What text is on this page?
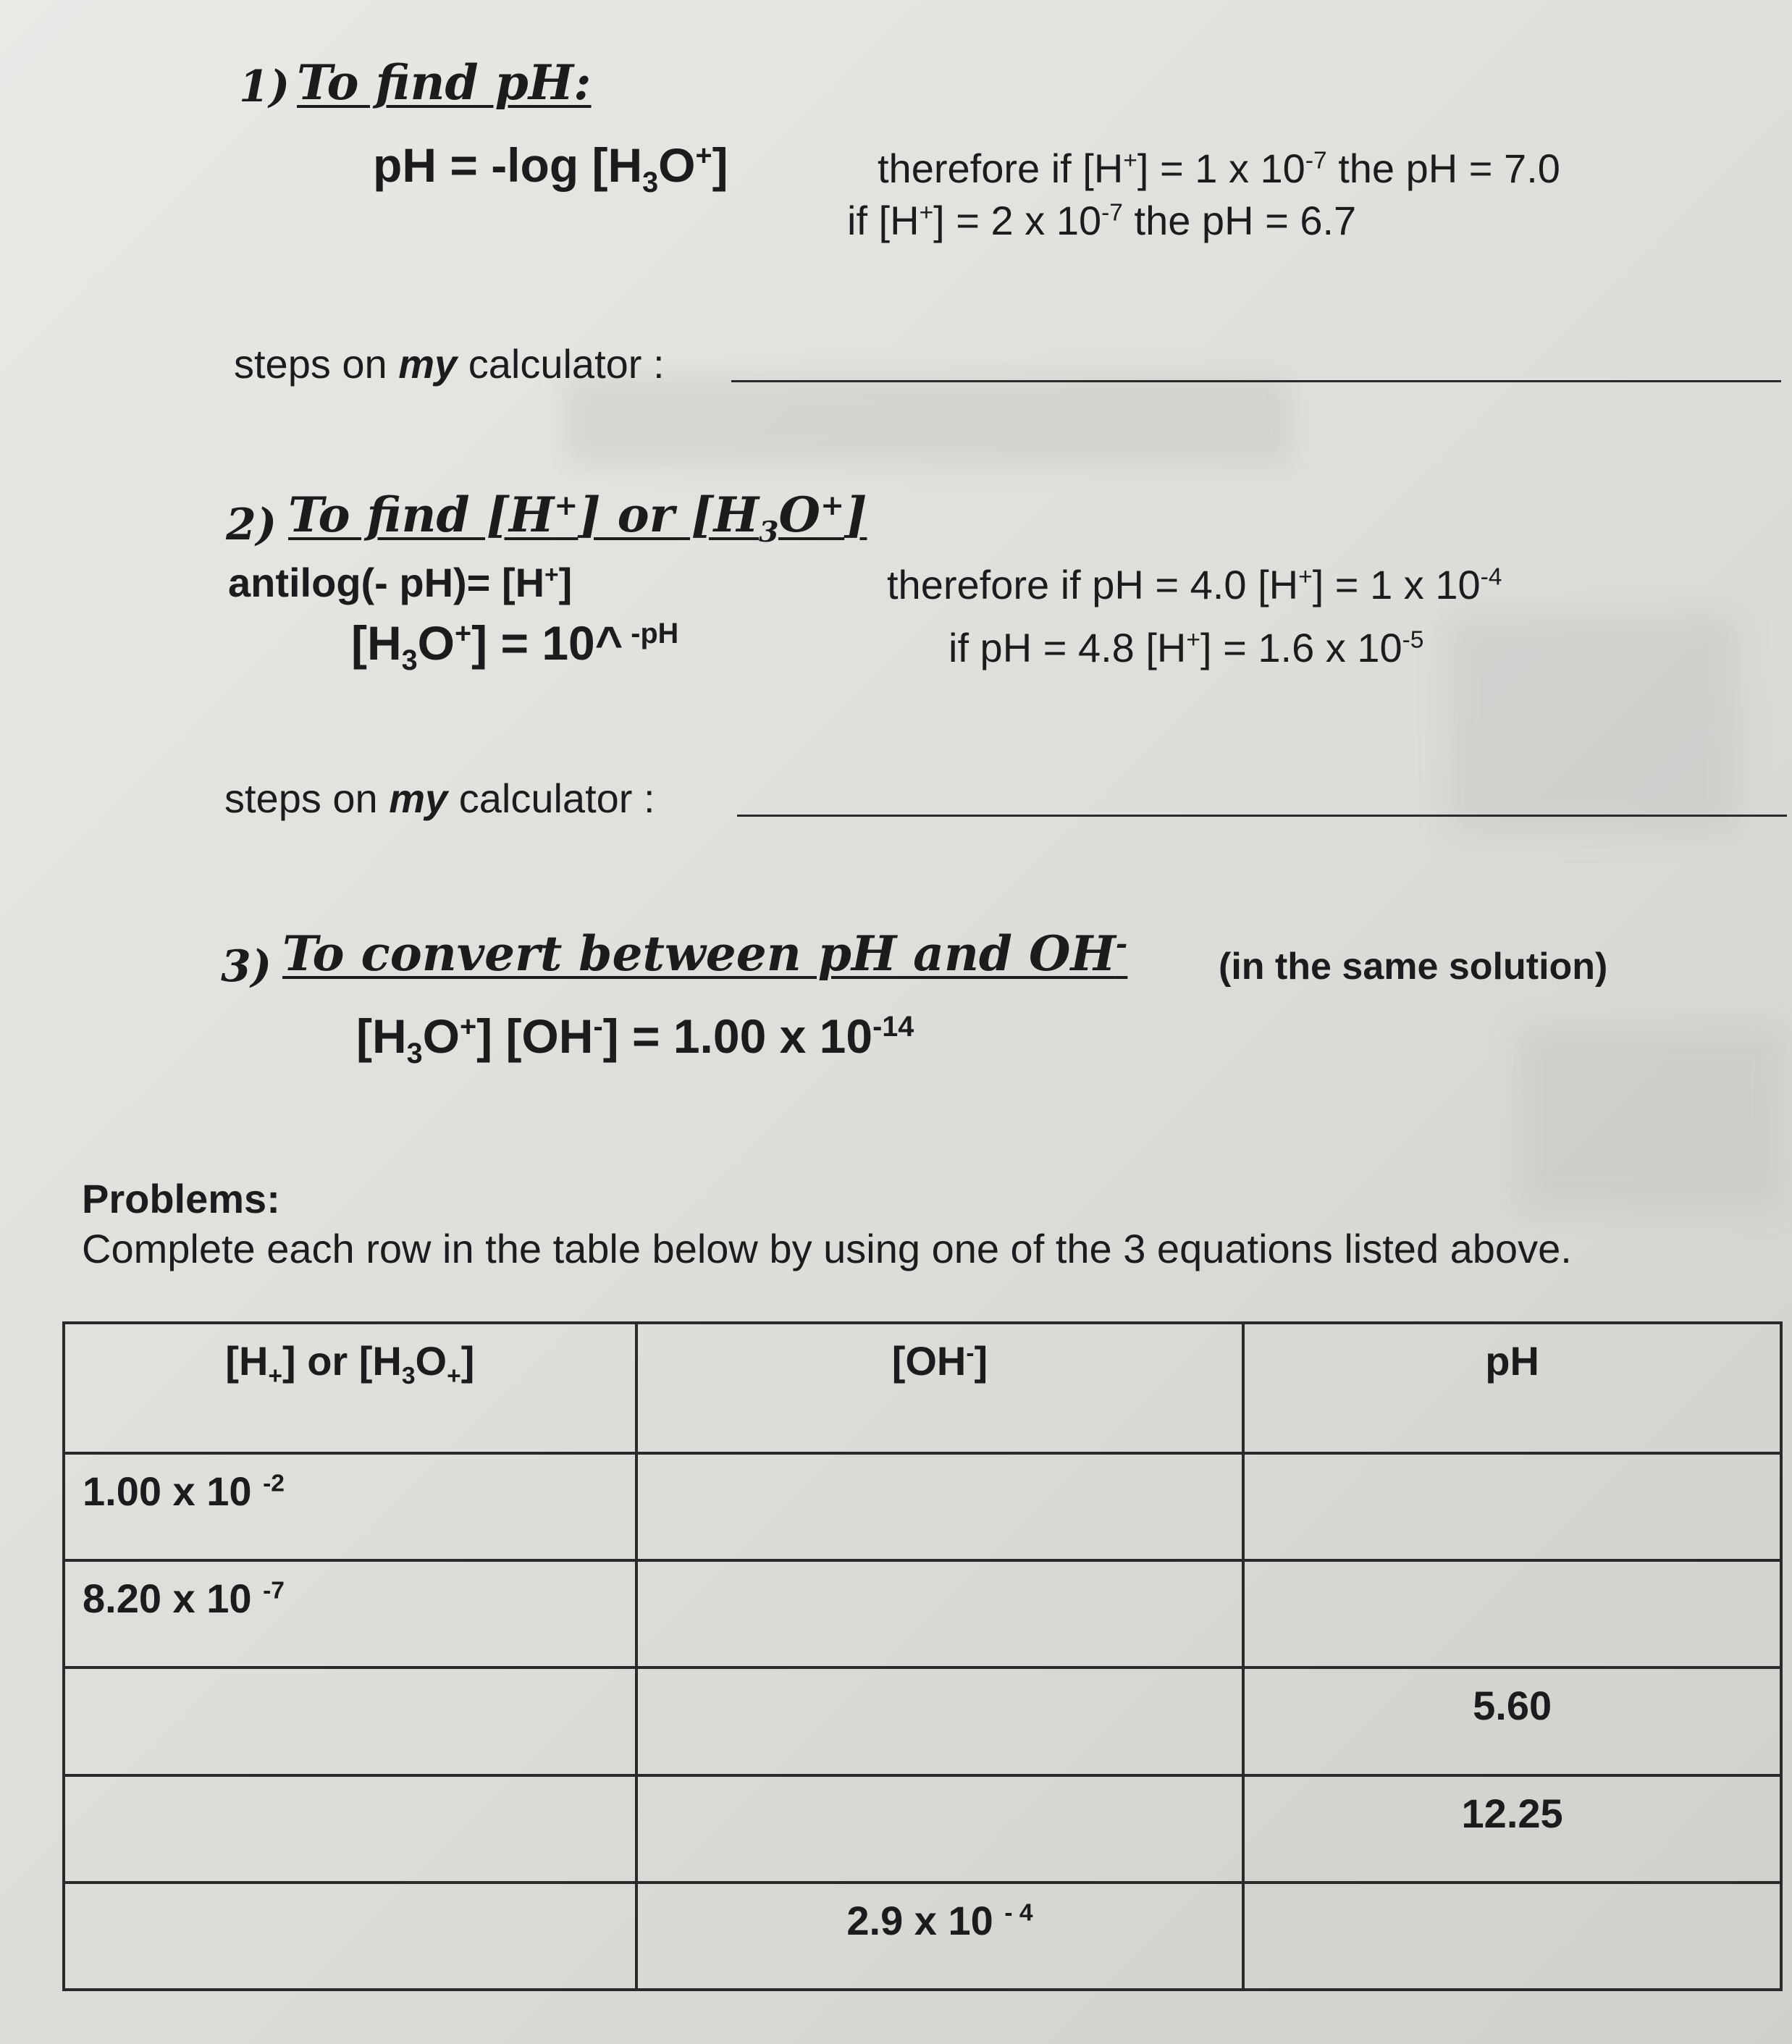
1) To find pH:
pH = -log $[H_3O^+]$	therefore if [H+] = 1 x $10^{-7}$ the pH = 7.0
if [H+] = 2 x $10^{-7}$ the pH = 6.7
steps on my calculator :
2) To find [H+] or $[H_3O^+]$
antilog(- pH)= [H+]
$[H_3O^+]$ = 10^ $^{-pH}$
therefore if pH = 4.0 [H+] = 1 x $10^{-4}$
if pH = 4.8 [H+] = 1.6 x $10^{-5}$
steps on my calculator :
3) To convert between pH and OH-
(in the same solution)
$[H_3O^+] [OH^-] = 1.00$ x $10^{-14}$
Problems:
Complete each row in the table below by using one of the 3 equations listed above.
$[H_+]$ or $[H_3O_+]$	[OH-]	pH
1.00 x 10 $^{-2}$		
8.20 x 10 $^{-7}$		
		5.60
		12.25
	2.9 x 10 $^{- 4}$	
